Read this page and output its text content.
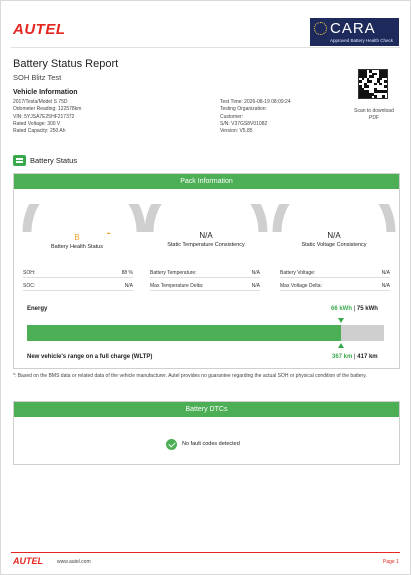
AUTEL	CARA
Approved Battery Health Check
Battery Status Report
SOH Blitz Test
Scan to download
PDF
Vehicle Information
2017/Tesla/Model S 75D
Odometer Reading: 122578km
VIN: 5YJSA7E25HF217372
Rated Voltage: 300 V
Rated Capacity: 250 Ah
Test Time: 2026-08-19 08:09:24
Testing Organization:
Customer:
S/N: V37GS8V01082
Version: V5.85
Battery Status
Pack Information
B
Battery Health Status
N/A
Static Temperature Consistency
N/A
Static Voltage Consistency
SOH:	88 %
SOC:	N/A
Battery Temperature:	N/A
Max Temperature Delta:	N/A
Battery Voltage:	N/A
Max Voltage Delta:	N/A
Energy	66 kWh | 75 kWh
New vehicle's range on a full charge (WLTP)	367 km | 417 km
*: Based on the BMS data or related data of the vehicle manufacturer. Autel provides no guarantee regarding the actual SOH or physical condition of the battery.
Battery DTCs
No fault codes detected
AUTEL	www.autel.com	Page 1
